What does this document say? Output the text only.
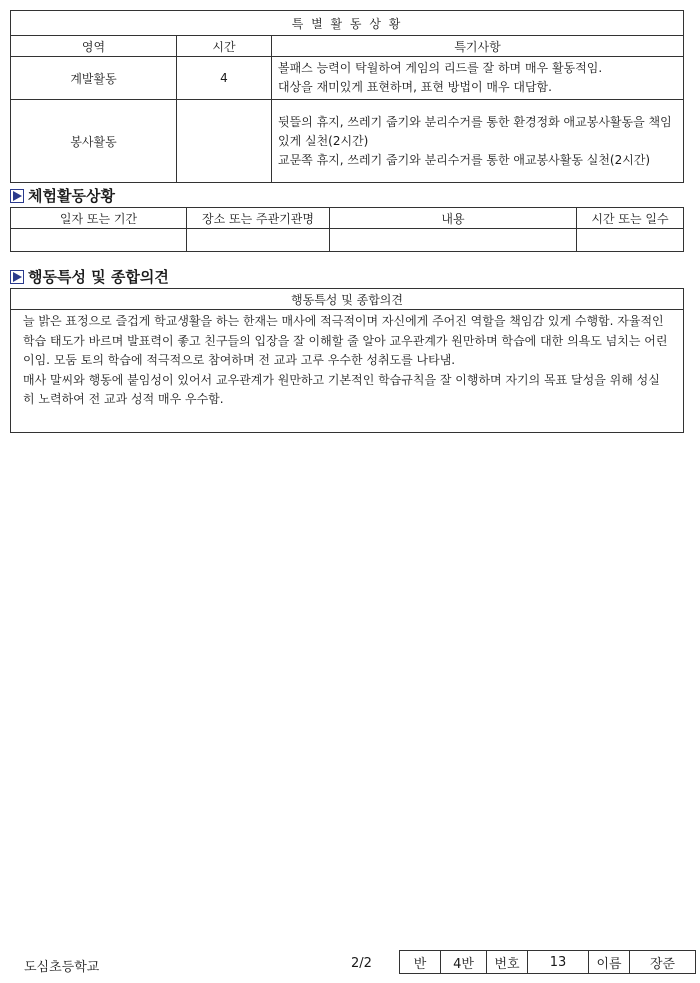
특 별 활 동 상 황		
영역	시간	특기사항
계발활동	4	볼패스 능력이 탁월하여 게임의 리드를 잘 하며 매우 활동적임.
대상을 재미있게 표현하며, 표현 방법이 매우 대담함.

봉사활동		뒷뜰의 휴지, 쓰레기 줍기와 분리수거를 통한 환경정화 애교봉사활동을 책임있게 실천(2시간)
교문쪽 휴지, 쓰레기 줍기와 분리수거를 통한 애교봉사활동 실천(2시간)
체험활동상황
일자 또는 기간	장소 또는 주관기관명	내용	시간 또는 일수

행동특성 및 종합의견
행동특성 및 종합의견

늘 밝은 표정으로 즐겁게 학교생활을 하는 한재는 매사에 적극적이며 자신에게 주어진 역할을 책임감 있게 수행함. 자율적인 학습 태도가 바르며 발표력이 좋고 친구들의 입장을 잘 이해할 줄 알아 교우관계가 원만하며 학습에 대한 의욕도 넘치는 어린이임. 모둠 토의 학습에 적극적으로 참여하며 전 교과 고루 우수한 성취도를 나타냄.

매사 말씨와 행동에 붙임성이 있어서 교우관계가 원만하고 기본적인 학습규칙을 잘 이행하며 자기의 목표 달성을 위해 성실히 노력하여 전 교과 성적 매우 우수함.

도심초등학교	2/2	반	4반	번호	13	이름	장준
